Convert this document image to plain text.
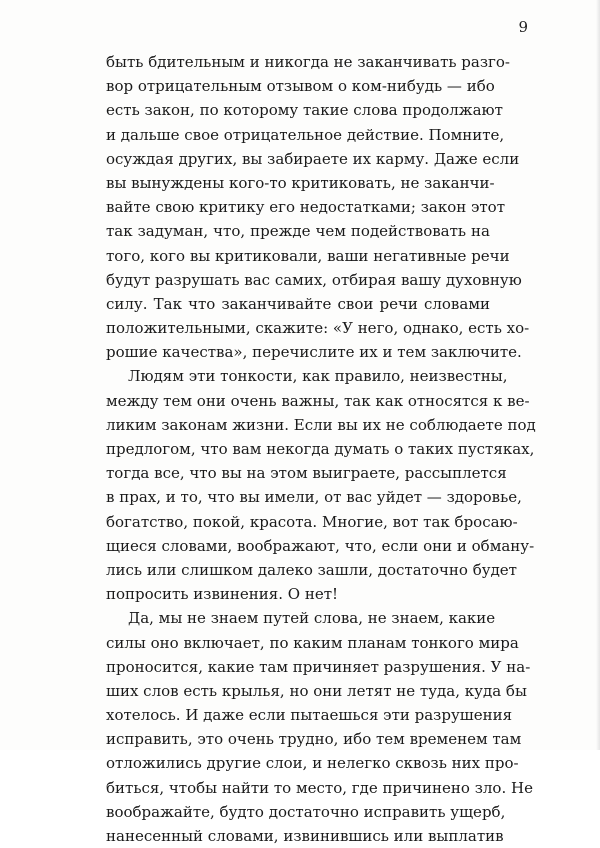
9
быть бдительным и никогда не заканчивать разго-
вор отрицательным отзывом о ком-нибудь — ибо
есть закон, по которому такие слова продолжают
и дальше свое отрицательное действие. Помните,
осуждая других, вы забираете их карму. Даже если
вы вынуждены кого-то критиковать, не заканчи-
вайте свою критику его недостатками; закон этот
так задуман, что, прежде чем подействовать на
того, кого вы критиковали, ваши негативные речи
будут разрушать вас самих, отбирая вашу духовную
силу. Так что заканчивайте свои речи словами
положительными, скажите: «У него, однако, есть хо-
рошие качества», перечислите их и тем заключите.
Людям эти тонкости, как правило, неизвестны,
между тем они очень важны, так как относятся к ве-
ликим законам жизни. Если вы их не соблюдаете под
предлогом, что вам некогда думать о таких пустяках,
тогда все, что вы на этом выиграете, рассыплется
в прах, и то, что вы имели, от вас уйдет — здоровье,
богатство, покой, красота. Многие, вот так бросаю-
щиеся словами, воображают, что, если они и обману-
лись или слишком далеко зашли, достаточно будет
попросить извинения. О нет!
Да, мы не знаем путей слова, не знаем, какие
силы оно включает, по каким планам тонкого мира
проносится, какие там причиняет разрушения. У на-
ших слов есть крылья, но они летят не туда, куда бы
хотелось. И даже если пытаешься эти разрушения
исправить, это очень трудно, ибо тем временем там
отложились другие слои, и нелегко сквозь них про-
биться, чтобы найти то место, где причинено зло. Не
воображайте, будто достаточно исправить ущерб,
нанесенный словами, извинившись или выплатив
